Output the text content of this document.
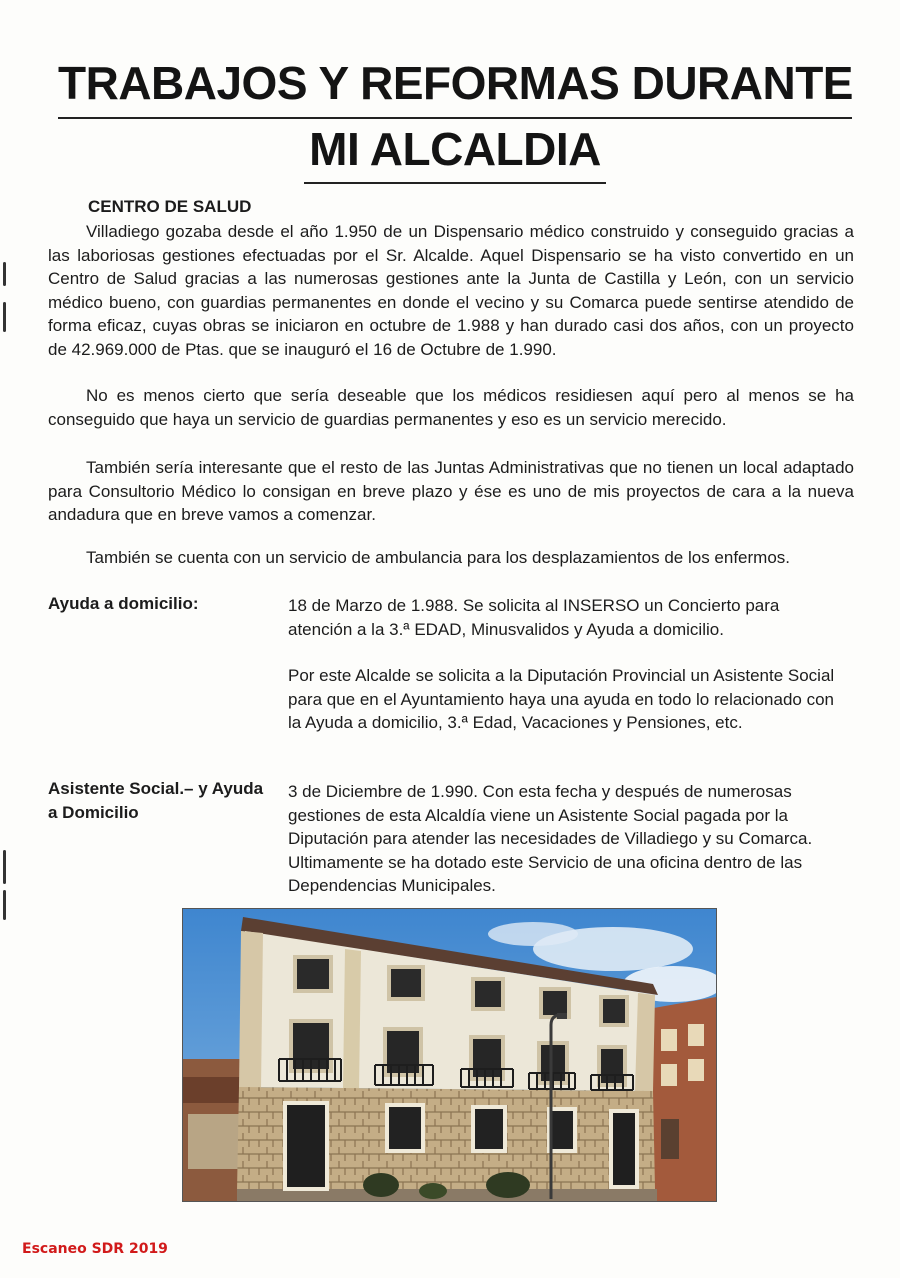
TRABAJOS Y REFORMAS DURANTE
MI ALCALDIA
CENTRO DE SALUD

Villadiego gozaba desde el año 1.950 de un Dispensario médico construido y conseguido gracias a las laboriosas gestiones efectuadas por el Sr. Alcalde. Aquel Dispensario se ha visto convertido en un Centro de Salud gracias a las numerosas gestiones ante la Junta de Castilla y León, con un servicio médico bueno, con guardias permanentes en donde el vecino y su Comarca puede sentirse atendido de forma eficaz, cuyas obras se iniciaron en octubre de 1.988 y han durado casi dos años, con un proyecto de 42.969.000 de Ptas. que se inauguró el 16 de Octubre de 1.990.

No es menos cierto que sería deseable que los médicos residiesen aquí pero al menos se ha conseguido que haya un servicio de guardias permanentes y eso es un servicio merecido.

También sería interesante que el resto de las Juntas Administrativas que no tienen un local adaptado para Consultorio Médico lo consigan en breve plazo y ése es uno de mis proyectos de cara a la nueva andadura que en breve vamos a comenzar.

También se cuenta con un servicio de ambulancia para los desplazamientos de los enfermos.

Ayuda a domicilio:	18 de Marzo de 1.988. Se solicita al INSERSO un Concierto para atención a la 3.ª EDAD, Minusvalidos y Ayuda a domicilio.

Por este Alcalde se solicita a la Diputación Provincial un Asistente Social para que en el Ayuntamiento haya una ayuda en todo lo relacionado con la Ayuda a domicilio, 3.ª Edad, Vacaciones y Pensiones, etc.

Asistente Social.– y Ayuda a Domicilio

3 de Diciembre de 1.990. Con esta fecha y después de numerosas gestiones de esta Alcaldía viene un Asistente Social pagada por la Diputación para atender las necesidades de Villadiego y su Comarca. Ultimamente se ha dotado este Servicio de una oficina dentro de las Dependencias Municipales.

Escaneo SDR 2019
